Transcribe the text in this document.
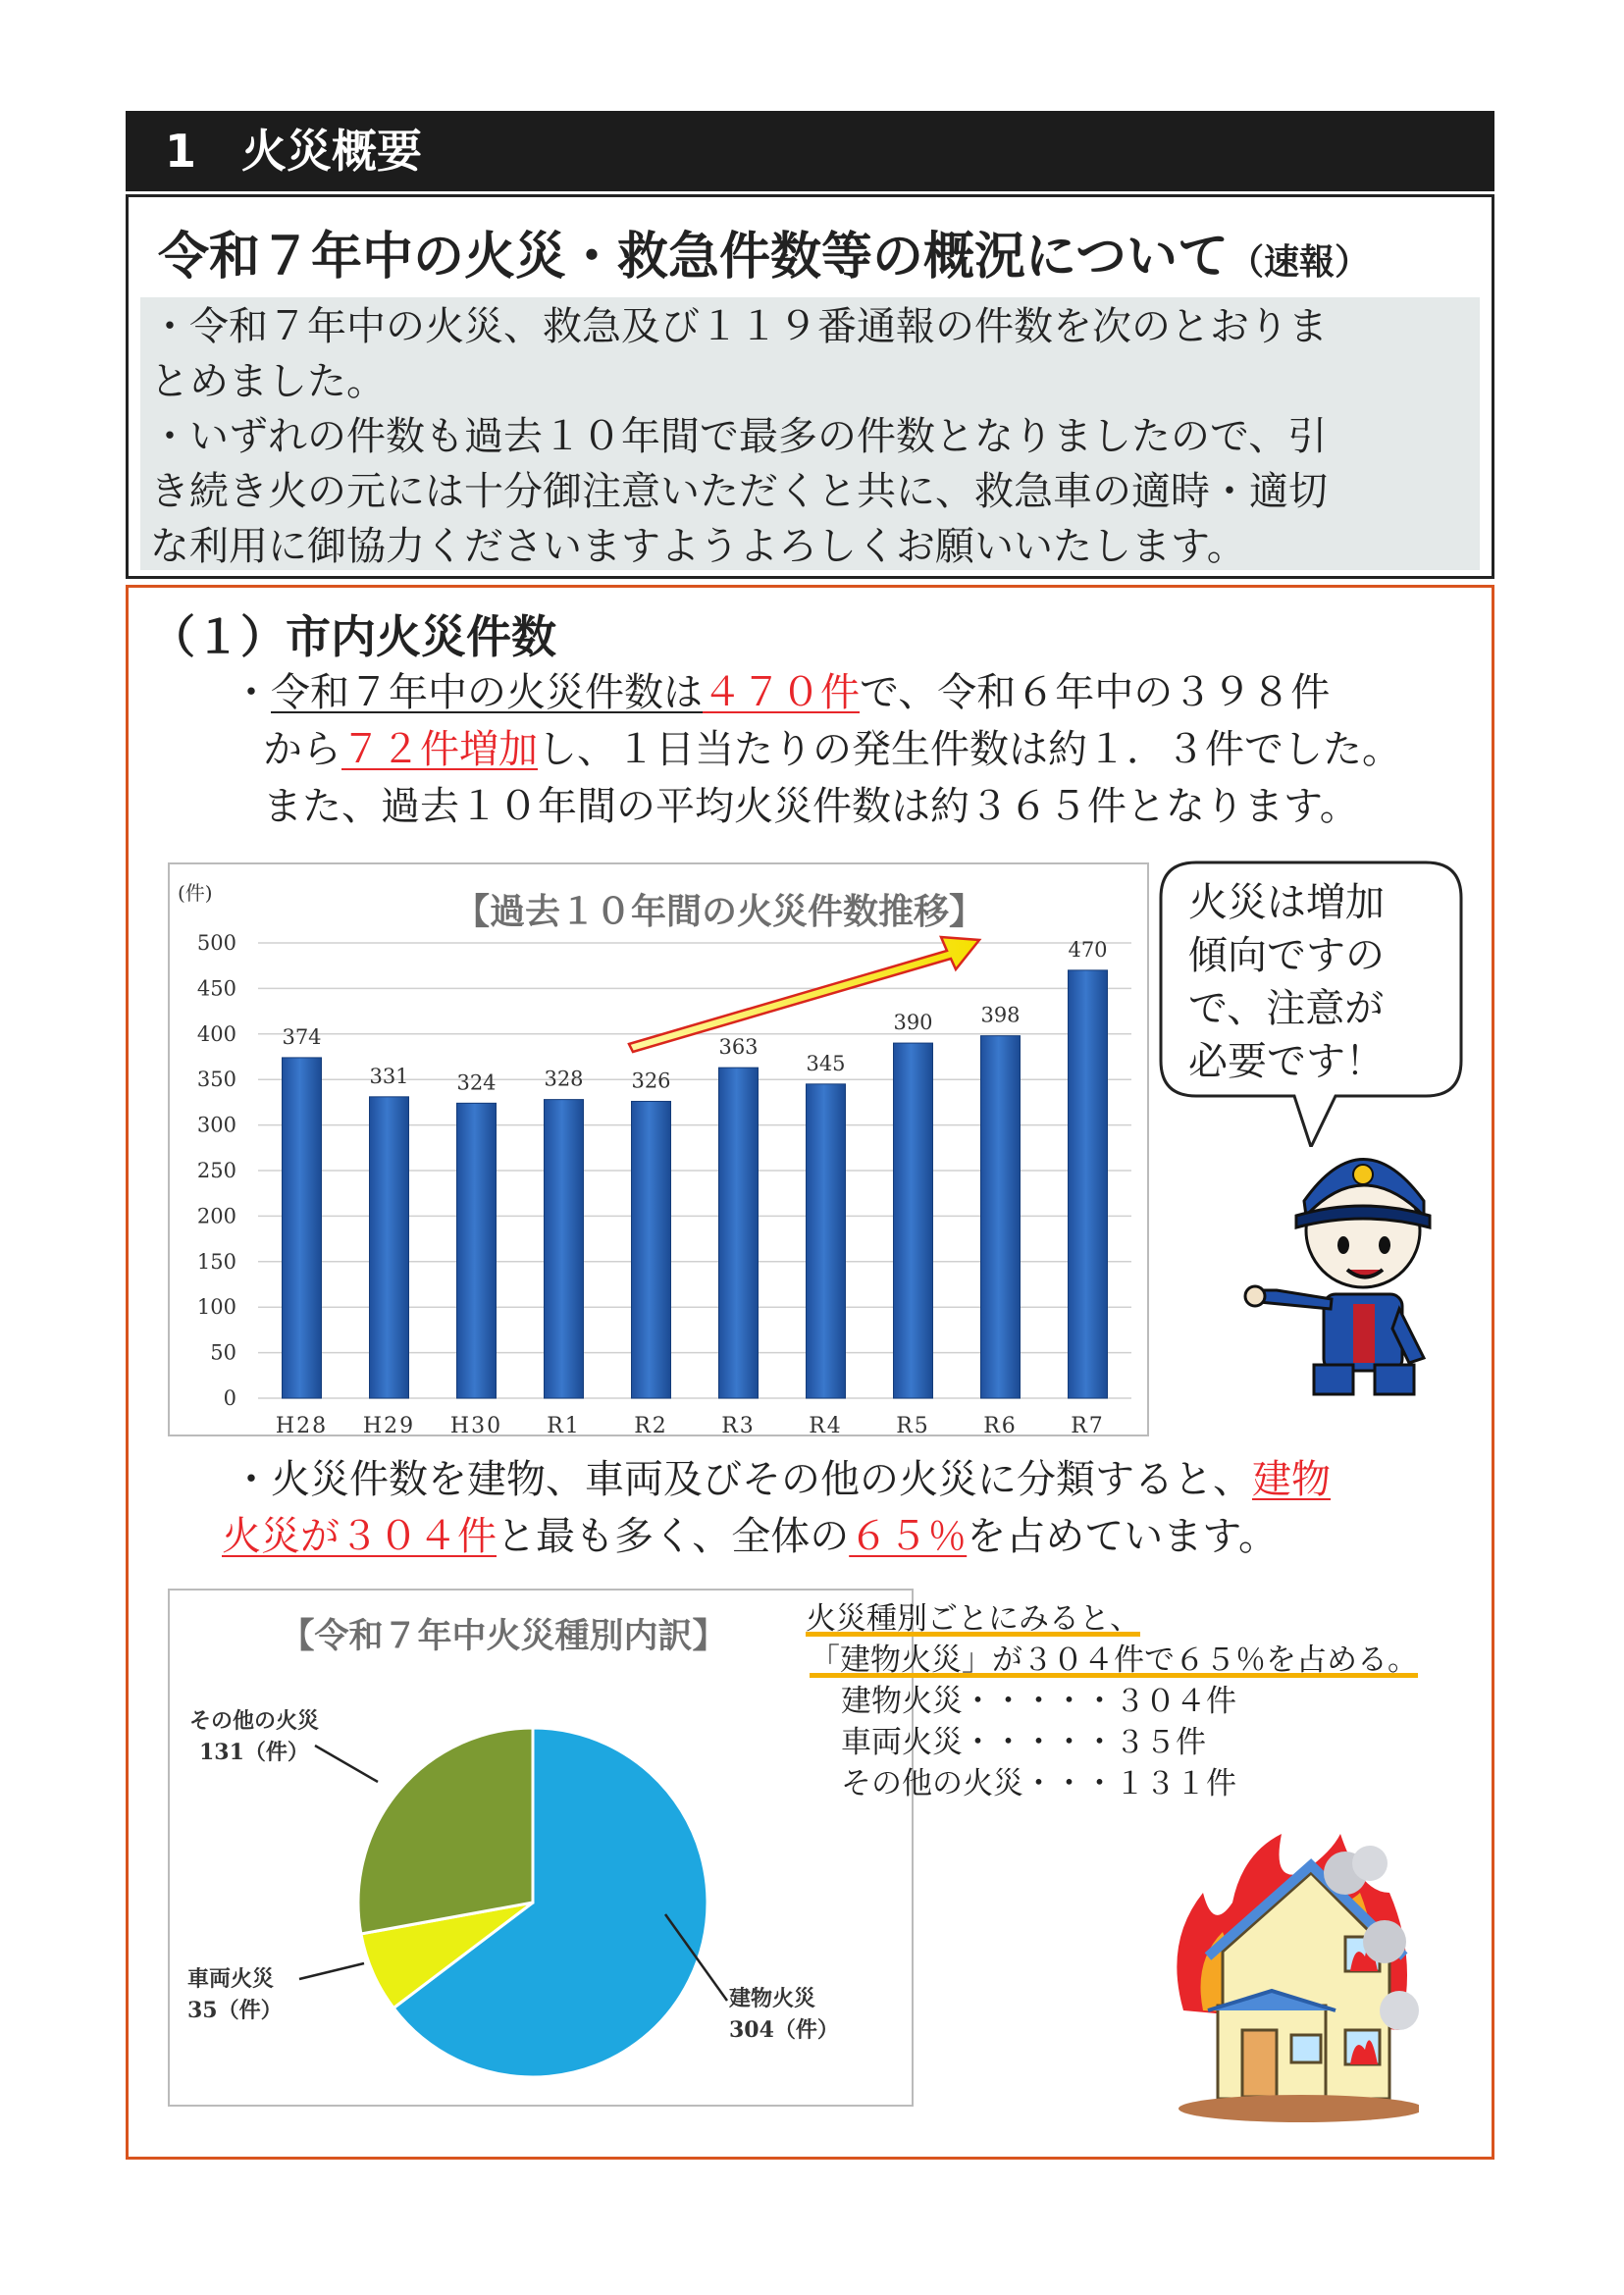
1　火災概要
令和７年中の火災・救急件数等の概況について（速報）

・令和７年中の火災、救急及び１１９番通報の件数を次のとおりま

とめました。

・いずれの件数も過去１０年間で最多の件数となりましたので、引

き続き火の元には十分御注意いただくと共に、救急車の適時・適切

な利用に御協力くださいますようよろしくお願いいたします。

（１）市内火災件数

・令和７年中の火災件数は４７０件で、令和６年中の３９８件

から７２件増加し、１日当たりの発生件数は約１．３件でした。

また、過去１０年間の平均火災件数は約３６５件となります。

(件)	【過去１０年間の火災件数推移】
0
50
100
150
200
250
300
350
400
450
500
374
H28
331
H29
324
H30
328
R1
326
R2
363
R3
345
R4
390
R5
398
R6
470
R7
火災は増加
傾向ですの
で、注意が
必要です！

・火災件数を建物、車両及びその他の火災に分類すると、建物

火災が３０４件と最も多く、全体の６５％を占めています。

【令和７年中火災種別内訳】
その他の火災
131（件）
車両火災
35（件）	建物火災
304（件）

火災種別ごとにみると、

「建物火災」が３０４件で６５％を占める。

建物火災・・・・・３０４件

車両火災・・・・・３５件

その他の火災・・・１３１件
